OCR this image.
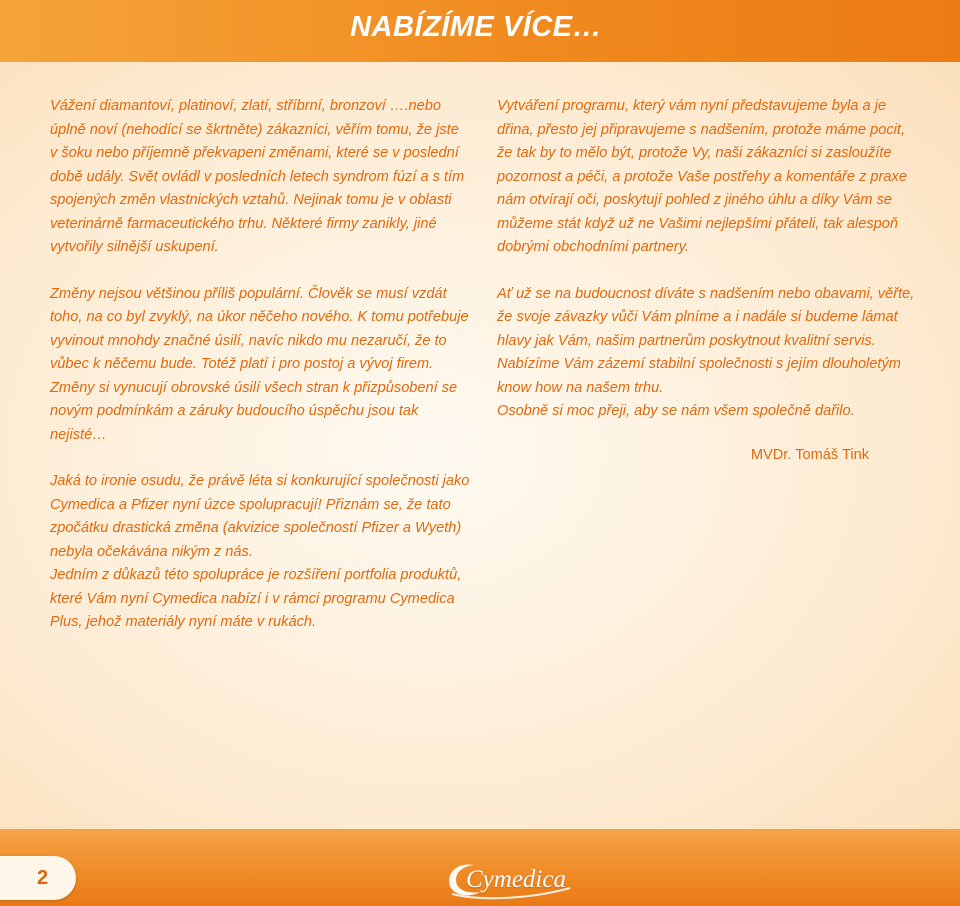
NABÍZÍME VÍCE…

Vážení diamantoví, platinoví, zlatí, stříbrní, bronzoví ….nebo úplně noví (nehodící se škrtněte) zákazníci, věřím tomu, že jste v šoku nebo příjemně překvapeni změnami, které se v poslední době udály. Svět ovládl v posledních letech syndrom fúzí a s tím spojených změn vlastnických vztahů. Nejinak tomu je v oblasti veterinárně farmaceutického trhu. Některé firmy zanikly, jiné vytvořily silnější uskupení.

Změny nejsou většinou příliš populární. Člověk se musí vzdát toho, na co byl zvyklý, na úkor něčeho nového. K tomu potřebuje vyvinout mnohdy značné úsilí, navíc nikdo mu nezaručí, že to vůbec k něčemu bude. Totéž platí i pro postoj a vývoj firem. Změny si vynucují obrovské úsilí všech stran k přizpůsobení se novým podmínkám a záruky budoucího úspěchu jsou tak nejisté…

Jaká to ironie osudu, že právě léta si konkurující společnosti jako Cymedica a Pfizer nyní úzce spolupracují! Přiznám se, že tato zpočátku drastická změna (akvizice společností Pfizer a Wyeth) nebyla očekávána nikým z nás.

Jedním z důkazů této spolupráce je rozšíření portfolia produktů, které Vám nyní Cymedica nabízí i v rámci programu Cymedica Plus, jehož materiály nyní máte v rukách.

Vytváření programu, který vám nyní představujeme byla a je dřina, přesto jej připravujeme s nadšením, protože máme pocit, že tak by to mělo být, protože Vy, naši zákazníci si zasloužíte pozornost a péči, a protože Vaše postřehy a komentáře z praxe nám otvírají oči, poskytují pohled z jiného úhlu a díky Vám se můžeme stát když už ne Vašimi nejlepšími přáteli, tak alespoň dobrými obchodními partnery.

Ať už se na budoucnost díváte s nadšením nebo obavami, věřte, že svoje závazky vůči Vám plníme a i nadále si budeme lámat hlavy jak Vám, našim partnerům poskytnout kvalitní servis. Nabízíme Vám zázemí stabilní společnosti s jejím dlouholetým know how na našem trhu.

Osobně si moc přeji, aby se nám všem společně dařilo.

MVDr. Tomáš Tink

2	Cymedica
